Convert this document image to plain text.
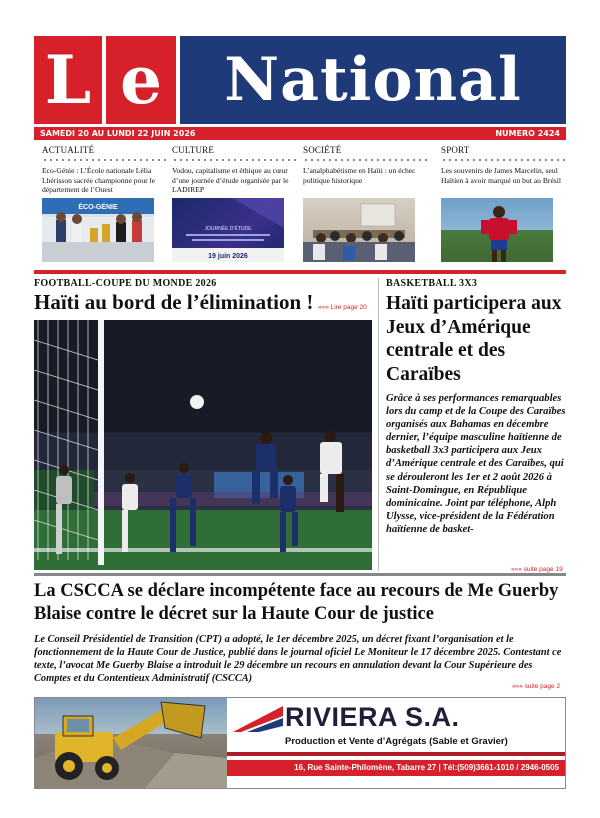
L e	National
SAMEDI 20 AU LUNDI 22 JUIN 2026	NUMERO 2424
ACTUALITÉ
Eco-Génie : L’École nationale Lélia Lhérisson sacrée championne pour le département de l’Ouest
ÉCO-GÉNIE
CULTURE
Vodou, capitalisme et éthique au cœur d’une journée d’étude organisée par le LADIREP
JOURNÉE D’ÉTUDE
19 juin 2026
SOCIÉTÉ
L’analphabétisme en Haïti : un échec politique historique
SPORT
Les souvenirs de James Marcelin, seul Haïtien à avoir marqué un but au Brésil
FOOTBALL-COUPE DU MONDE 2026
Haïti au bord de l’élimination ! »»» Lire page 20
BASKETBALL 3X3
Haïti participera aux Jeux d’Amérique centrale et des Caraïbes
Grâce à ses performances remarquables lors du camp et de la Coupe des Caraïbes organisés aux Bahamas en décembre dernier, l’équipe masculine haïtienne de basketball 3x3 participera aux Jeux d’Amérique centrale et des Caraïbes, qui se dérouleront les 1er et 2 août 2026 à Saint-Domingue, en République dominicaine. Joint par téléphone, Alph Ulysse, vice-président de la Fédération haïtienne de basket-
»»» suite page 19
La CSCCA se déclare incompétente face au recours de Me Guerby Blaise contre le décret sur la Haute Cour de justice
Le Conseil Présidentiel de Transition (CPT) a adopté, le 1er décembre 2025, un décret fixant l’organisation et le fonctionnement de la Haute Cour de Justice, publié dans le journal oficiel Le Moniteur le 17 décembre 2025. Contestant ce texte, l’avocat Me Guerby Blaise a introduit le 29 décembre un recours en annulation devant la Cour Supérieure des Comptes et du Contentieux Administratif (CSCCA)
»»» suite page 2
RIVIERA S.A.
Production et Vente d’Agrégats (Sable et Gravier)
16, Rue Sainte-Philomène, Tabarre 27 | Tél:(509)3661-1010 / 2946-0505
